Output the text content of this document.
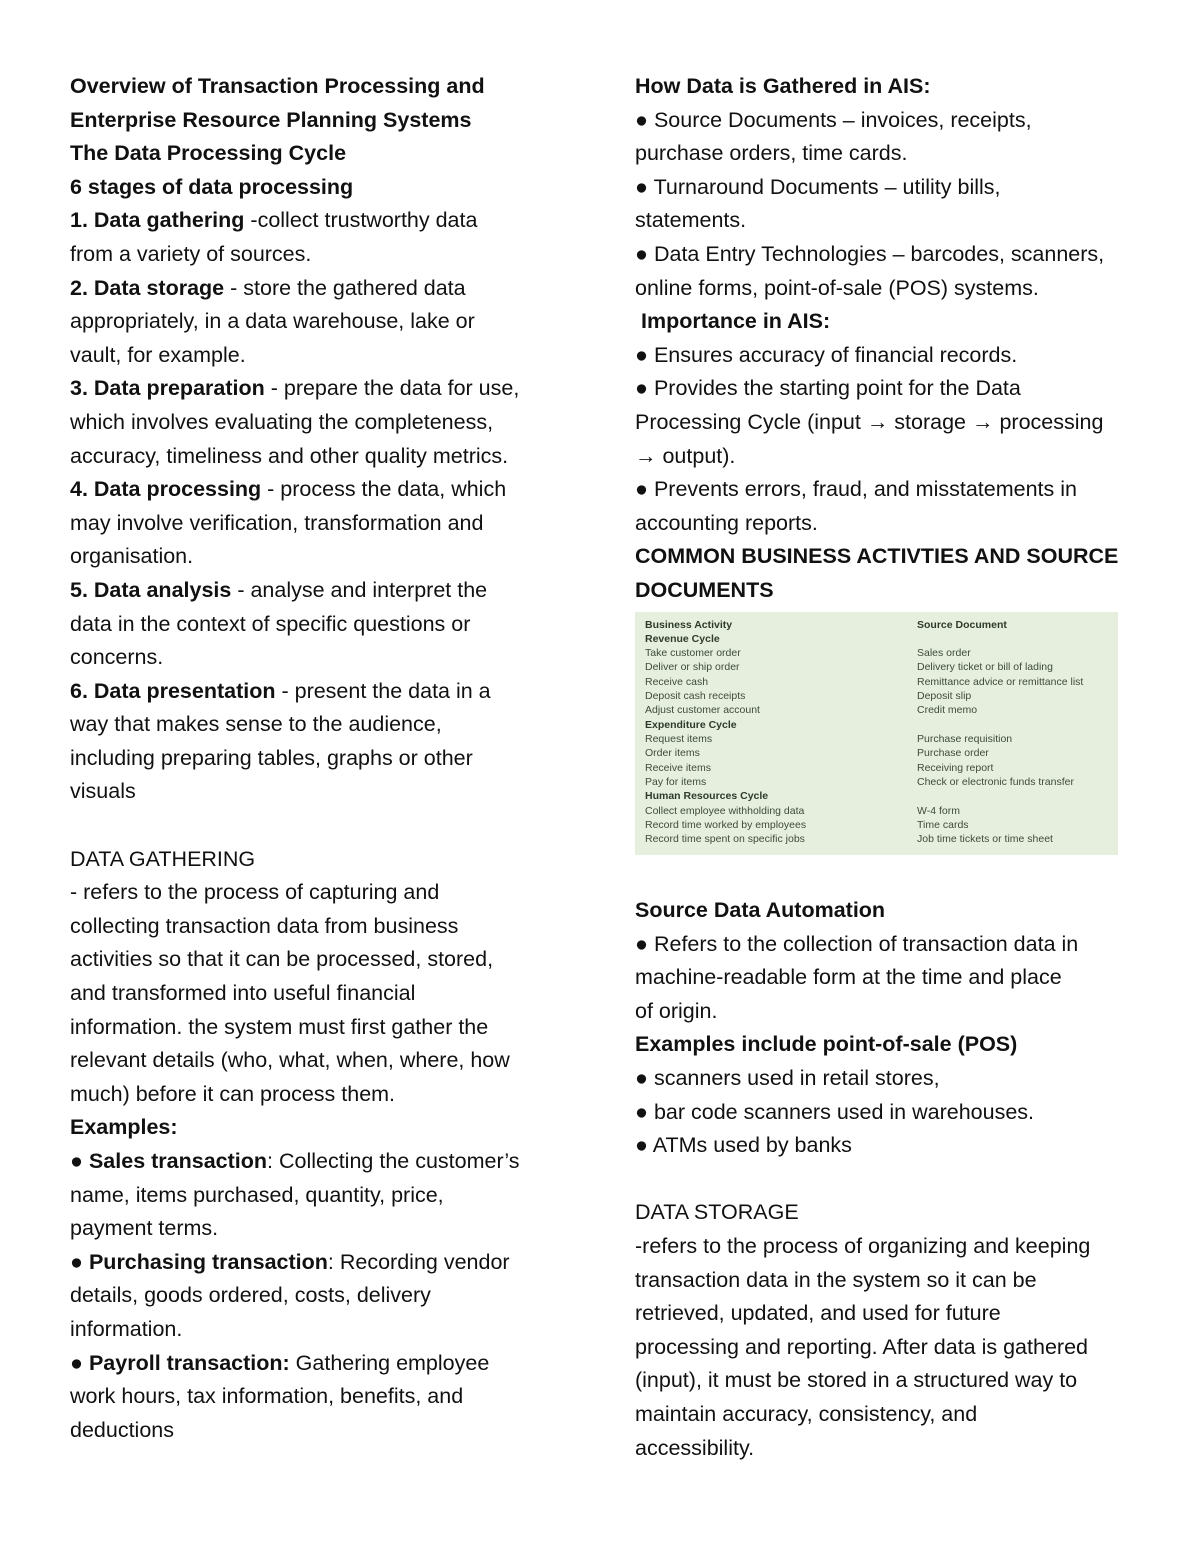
Overview of Transaction Processing and
Enterprise Resource Planning Systems
The Data Processing Cycle
6 stages of data processing
1. Data gathering -collect trustworthy data
from a variety of sources.
2. Data storage - store the gathered data
appropriately, in a data warehouse, lake or
vault, for example.
3. Data preparation - prepare the data for use,
which involves evaluating the completeness,
accuracy, timeliness and other quality metrics.
4. Data processing - process the data, which
may involve verification, transformation and
organisation.
5. Data analysis - analyse and interpret the
data in the context of specific questions or
concerns.
6. Data presentation - present the data in a
way that makes sense to the audience,
including preparing tables, graphs or other
visuals
DATA GATHERING
- refers to the process of capturing and
collecting transaction data from business
activities so that it can be processed, stored,
and transformed into useful financial
information. the system must first gather the
relevant details (who, what, when, where, how
much) before it can process them.
Examples:
● Sales transaction: Collecting the customer’s
name, items purchased, quantity, price,
payment terms.
● Purchasing transaction: Recording vendor
details, goods ordered, costs, delivery
information.
● Payroll transaction: Gathering employee
work hours, tax information, benefits, and
deductions
How Data is Gathered in AIS:
● Source Documents – invoices, receipts,
purchase orders, time cards.
● Turnaround Documents – utility bills,
statements.
● Data Entry Technologies – barcodes, scanners,
online forms, point-of-sale (POS) systems.
Importance in AIS:
● Ensures accuracy of financial records.
● Provides the starting point for the Data
Processing Cycle (input → storage → processing
→ output).
● Prevents errors, fraud, and misstatements in
accounting reports.
COMMON BUSINESS ACTIVTIES AND SOURCE
DOCUMENTS
Business Activity	Source Document
Revenue Cycle
Take customer order	Sales order
Deliver or ship order	Delivery ticket or bill of lading
Receive cash	Remittance advice or remittance list
Deposit cash receipts	Deposit slip
Adjust customer account	Credit memo
Expenditure Cycle
Request items	Purchase requisition
Order items	Purchase order
Receive items	Receiving report
Pay for items	Check or electronic funds transfer
Human Resources Cycle
Collect employee withholding data	W-4 form
Record time worked by employees	Time cards
Record time spent on specific jobs	Job time tickets or time sheet
Source Data Automation
● Refers to the collection of transaction data in
machine-readable form at the time and place
of origin.
Examples include point-of-sale (POS)
● scanners used in retail stores,
● bar code scanners used in warehouses.
● ATMs used by banks
DATA STORAGE
-refers to the process of organizing and keeping
transaction data in the system so it can be
retrieved, updated, and used for future
processing and reporting. After data is gathered
(input), it must be stored in a structured way to
maintain accuracy, consistency, and
accessibility.
